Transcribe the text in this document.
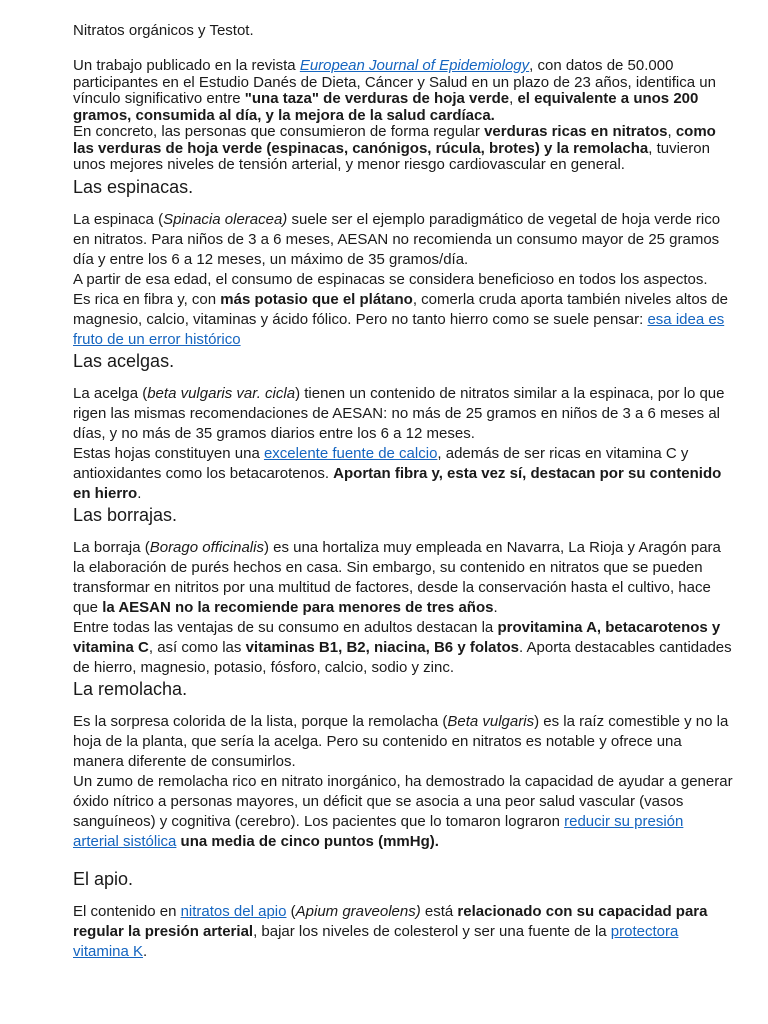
Nitratos orgánicos y Testot.

Un trabajo publicado en la revista European Journal of Epidemiology, con datos de 50.000 participantes en el Estudio Danés de Dieta, Cáncer y Salud en un plazo de 23 años, identifica un vínculo significativo entre "una taza" de verduras de hoja verde, el equivalente a unos 200 gramos, consumida al día, y la mejora de la salud cardíaca.

En concreto, las personas que consumieron de forma regular verduras ricas en nitratos, como las verduras de hoja verde (espinacas, canónigos, rúcula, brotes) y la remolacha, tuvieron unos mejores niveles de tensión arterial, y menor riesgo cardiovascular en general.

Las espinacas.

La espinaca (Spinacia oleracea) suele ser el ejemplo paradigmático de vegetal de hoja verde rico en nitratos. Para niños de 3 a 6 meses, AESAN no recomienda un consumo mayor de 25 gramos día y entre los 6 a 12 meses, un máximo de 35 gramos/día.

A partir de esa edad, el consumo de espinacas se considera beneficioso en todos los aspectos.

Es rica en fibra y, con más potasio que el plátano, comerla cruda aporta también niveles altos de magnesio, calcio, vitaminas y ácido fólico. Pero no tanto hierro como se suele pensar: esa idea es fruto de un error histórico

Las acelgas.

La acelga (beta vulgaris var. cicla) tienen un contenido de nitratos similar a la espinaca, por lo que rigen las mismas recomendaciones de AESAN: no más de 25 gramos en niños de 3 a 6 meses al días, y no más de 35 gramos diarios entre los 6 a 12 meses.

Estas hojas constituyen una excelente fuente de calcio, además de ser ricas en vitamina C y antioxidantes como los betacarotenos. Aportan fibra y, esta vez sí, destacan por su contenido en hierro.

Las borrajas.

La borraja (Borago officinalis) es una hortaliza muy empleada en Navarra, La Rioja y Aragón para la elaboración de purés hechos en casa. Sin embargo, su contenido en nitratos que se pueden transformar en nitritos por una multitud de factores, desde la conservación hasta el cultivo, hace que la AESAN no la recomiende para menores de tres años.

Entre todas las ventajas de su consumo en adultos destacan la provitamina A, betacarotenos y vitamina C, así como las vitaminas B1, B2, niacina, B6 y folatos. Aporta destacables cantidades de hierro, magnesio, potasio, fósforo, calcio, sodio y zinc.

La remolacha.

Es la sorpresa colorida de la lista, porque la remolacha (Beta vulgaris) es la raíz comestible y no la hoja de la planta, que sería la acelga. Pero su contenido en nitratos es notable y ofrece una manera diferente de consumirlos.

Un zumo de remolacha rico en nitrato inorgánico, ha demostrado la capacidad de ayudar a generar óxido nítrico a personas mayores, un déficit que se asocia a una peor salud vascular (vasos sanguíneos) y cognitiva (cerebro). Los pacientes que lo tomaron lograron reducir su presión arterial sistólica una media de cinco puntos (mmHg).

El apio.

El contenido en nitratos del apio (Apium graveolens) está relacionado con su capacidad para regular la presión arterial, bajar los niveles de colesterol y ser una fuente de la protectora vitamina K.
